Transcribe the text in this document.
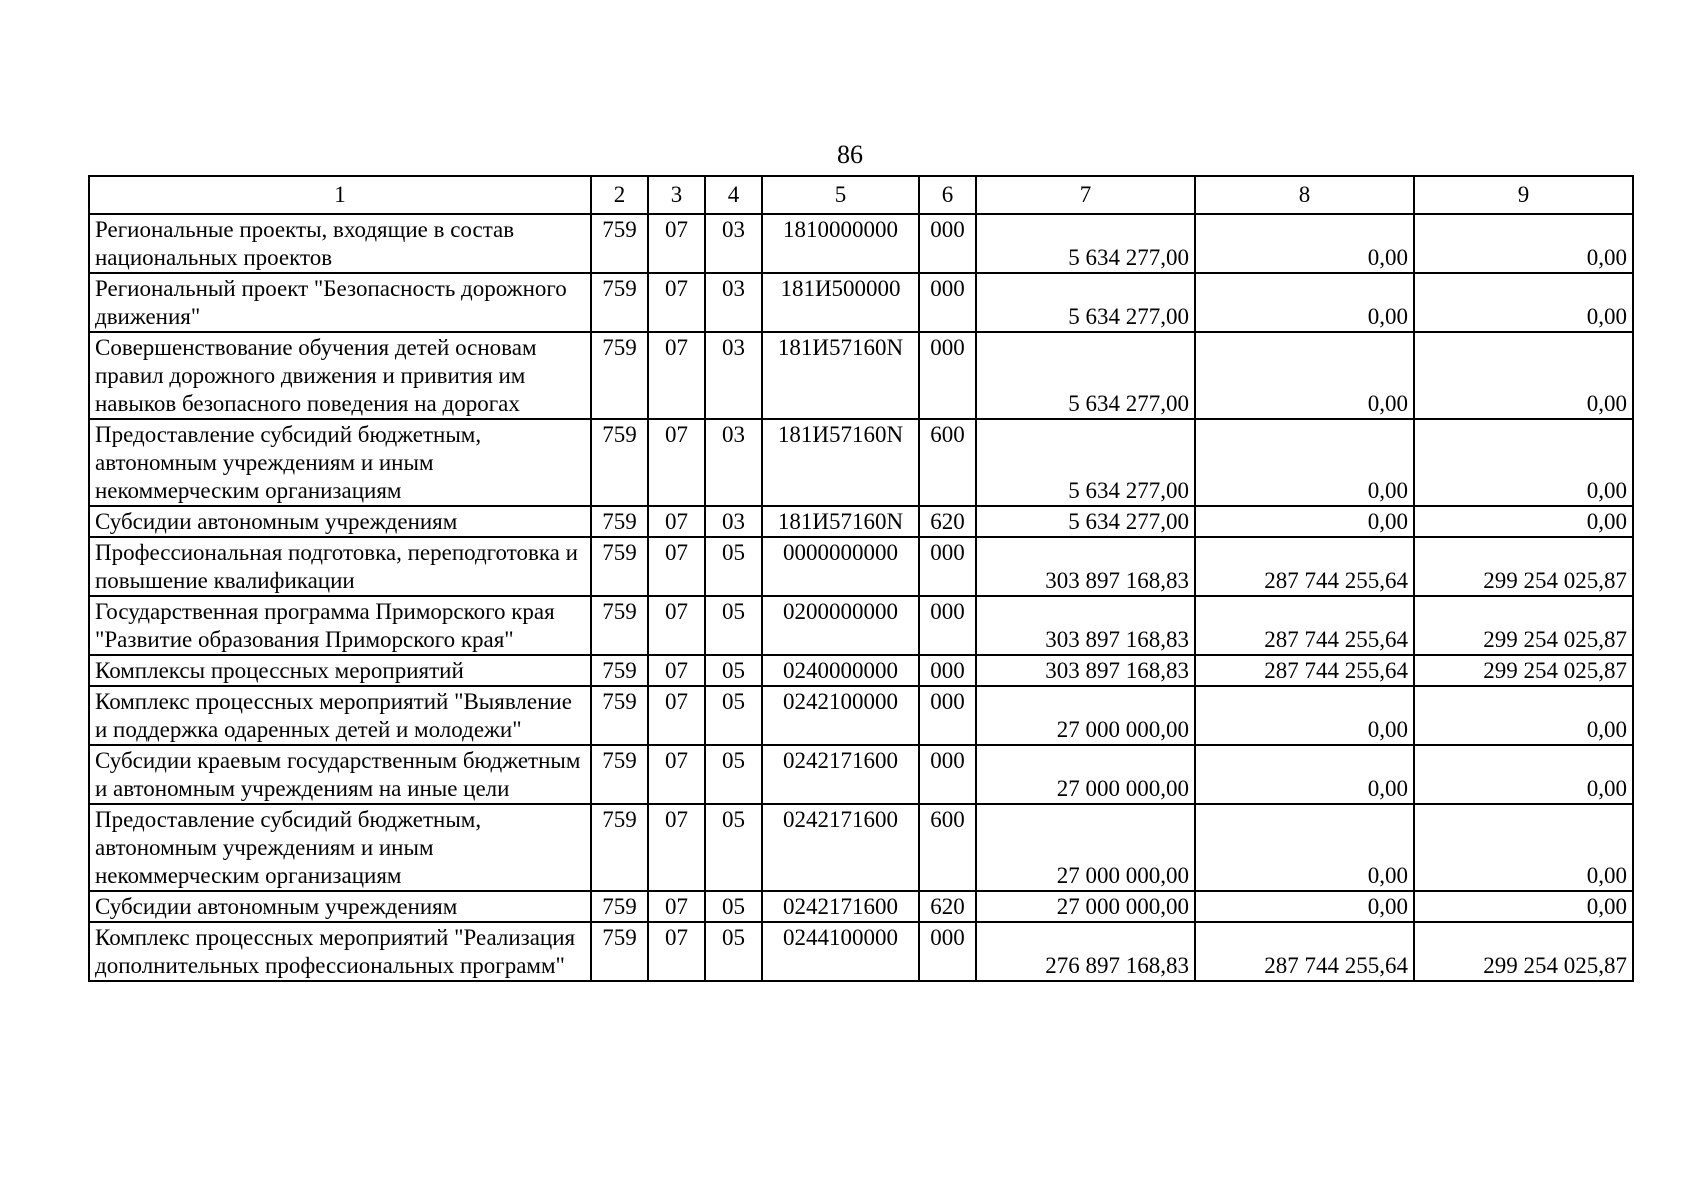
86
1	2	3	4	5	6	7	8	9
Региональные проекты, входящие в состав национальных проектов	759	07	03	1810000000	000	5 634 277,00	0,00	0,00
Региональный проект "Безопасность дорожного движения"	759	07	03	181И500000	000	5 634 277,00	0,00	0,00
Совершенствование обучения детей основам правил дорожного движения и привития им навыков безопасного поведения на дорогах	759	07	03	181И57160N	000	5 634 277,00	0,00	0,00
Предоставление субсидий бюджетным, автономным учреждениям и иным некоммерческим организациям	759	07	03	181И57160N	600	5 634 277,00	0,00	0,00
Субсидии автономным учреждениям	759	07	03	181И57160N	620	5 634 277,00	0,00	0,00
Профессиональная подготовка, переподготовка и повышение квалификации	759	07	05	0000000000	000	303 897 168,83	287 744 255,64	299 254 025,87
Государственная программа Приморского края "Развитие образования Приморского края"	759	07	05	0200000000	000	303 897 168,83	287 744 255,64	299 254 025,87
Комплексы процессных мероприятий	759	07	05	0240000000	000	303 897 168,83	287 744 255,64	299 254 025,87
Комплекс процессных мероприятий "Выявление и поддержка одаренных детей и молодежи"	759	07	05	0242100000	000	27 000 000,00	0,00	0,00
Субсидии краевым государственным бюджетным и автономным учреждениям на иные цели	759	07	05	0242171600	000	27 000 000,00	0,00	0,00
Предоставление субсидий бюджетным, автономным учреждениям и иным некоммерческим организациям	759	07	05	0242171600	600	27 000 000,00	0,00	0,00
Субсидии автономным учреждениям	759	07	05	0242171600	620	27 000 000,00	0,00	0,00
Комплекс процессных мероприятий "Реализация дополнительных профессиональных программ"	759	07	05	0244100000	000	276 897 168,83	287 744 255,64	299 254 025,87
